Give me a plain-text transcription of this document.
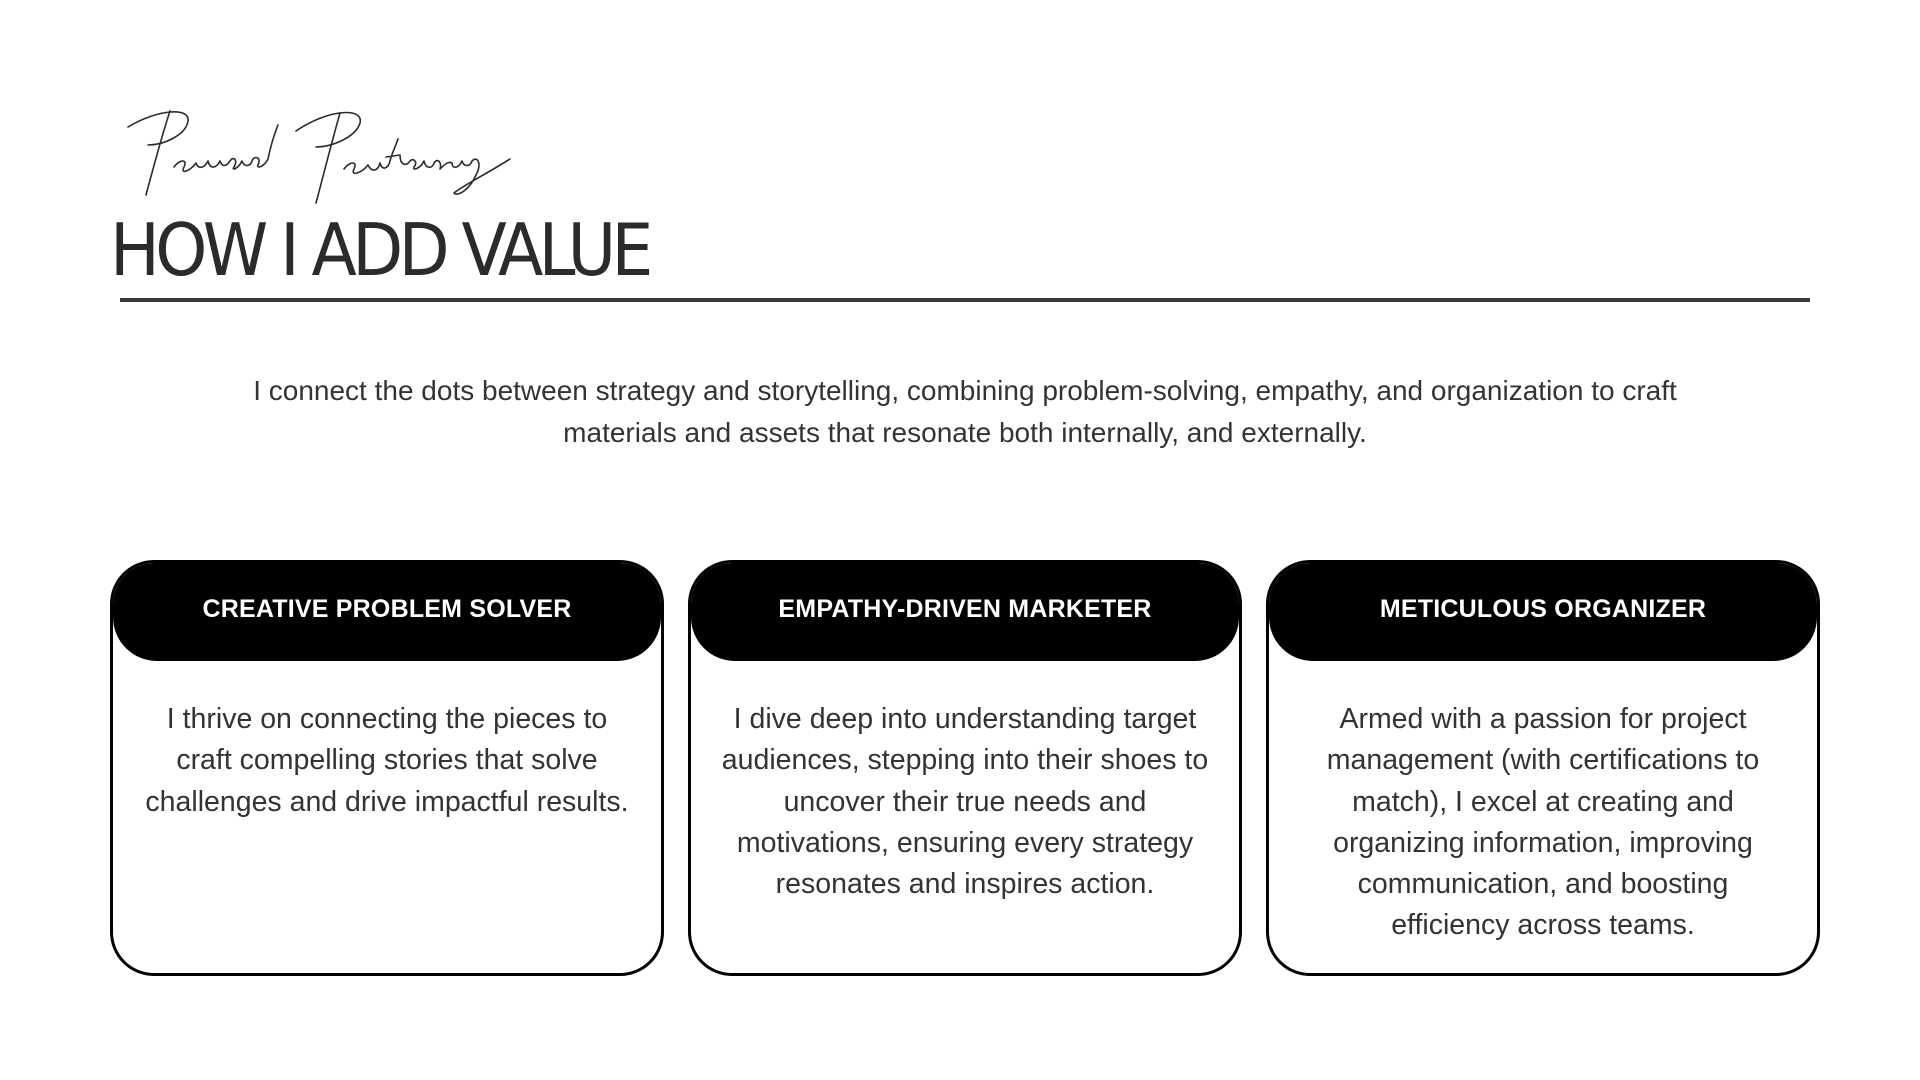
HOW I ADD VALUE

I connect the dots between strategy and storytelling, combining problem-solving, empathy, and organization to craft materials and assets that resonate both internally, and externally.

CREATIVE PROBLEM SOLVER
I thrive on connecting the pieces to craft compelling stories that solve challenges and drive impactful results.
EMPATHY-DRIVEN MARKETER
I dive deep into understanding target audiences, stepping into their shoes to uncover their true needs and motivations, ensuring every strategy resonates and inspires action.
METICULOUS ORGANIZER
Armed with a passion for project management (with certifications to match), I excel at creating and organizing information, improving communication, and boosting efficiency across teams.
